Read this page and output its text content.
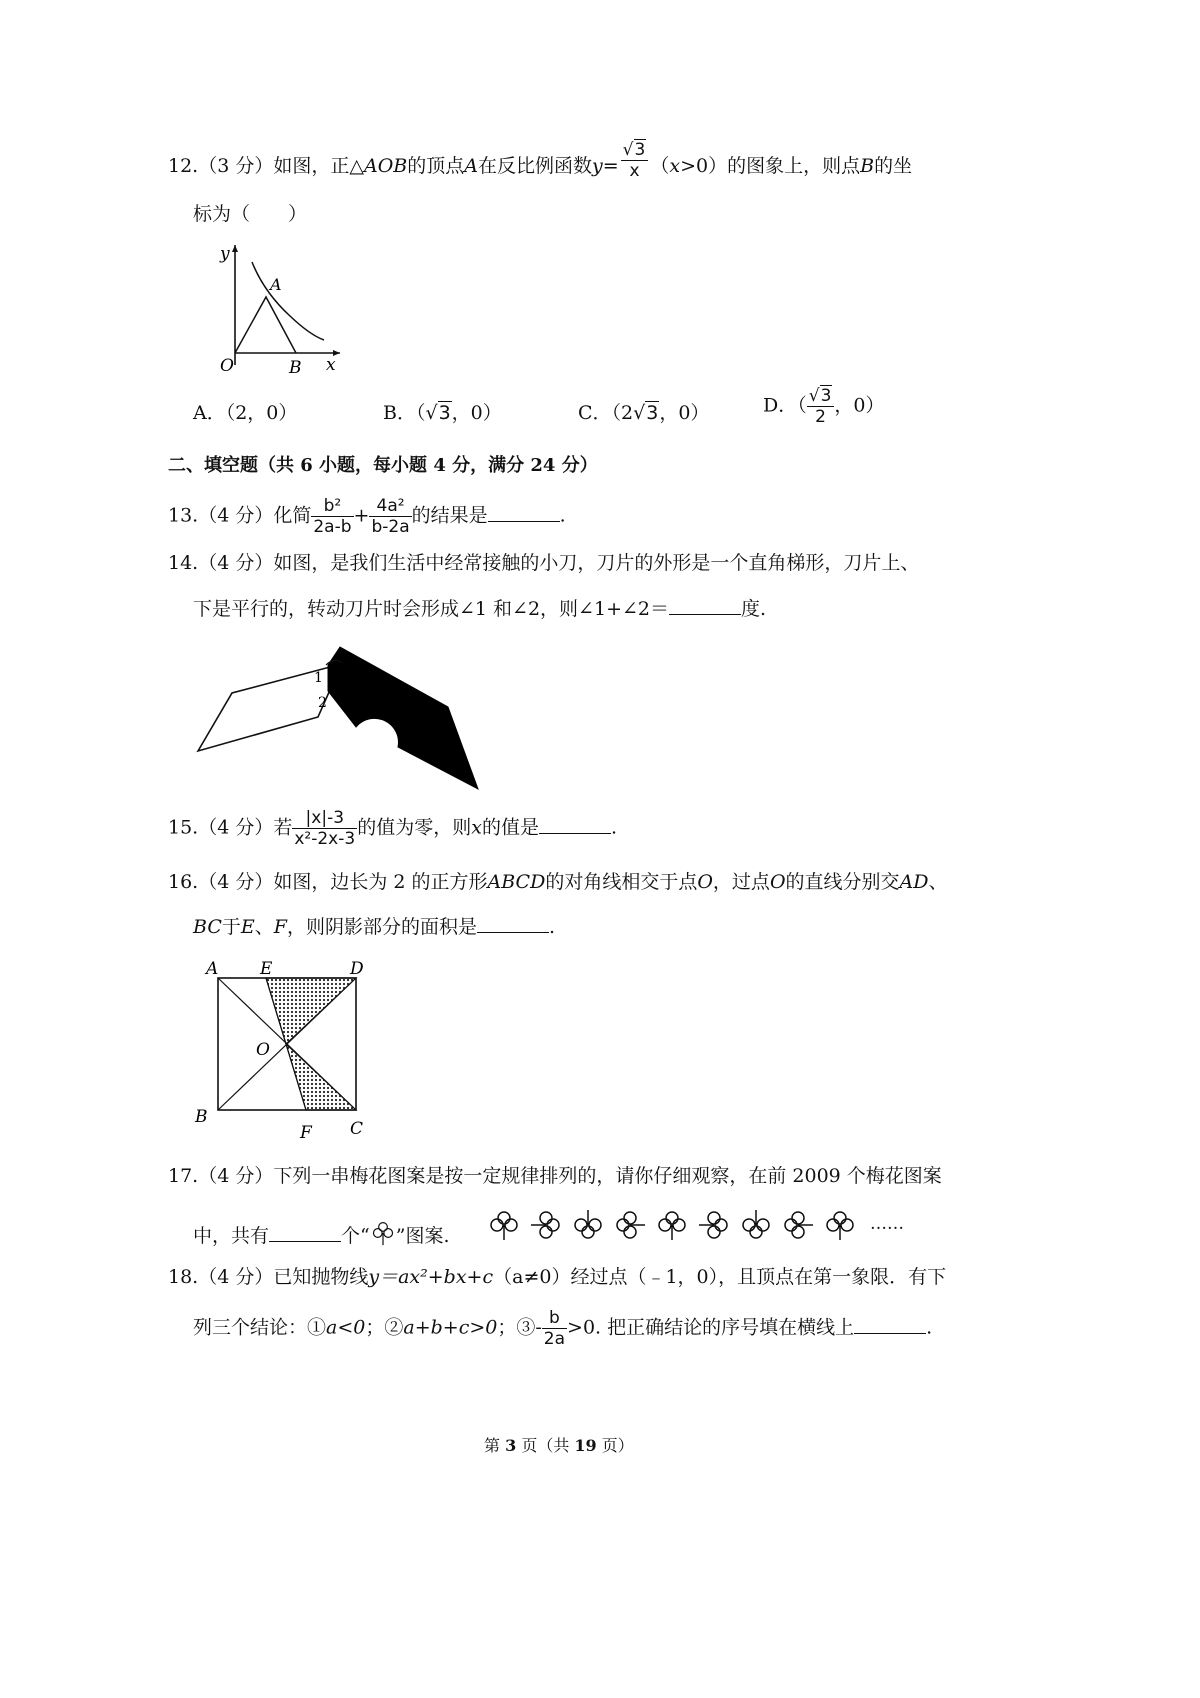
12.（3 分）如图，正△AOB的顶点A在反比例函数$y= \frac{√3}{x} (x>0)$的图象上，则点B的坐
标为（　　）
y
A
O	B x
A．（2，0）	B．（√3，0）	C．（2√3，0）	D．（ $\frac{√3}{2}$ ，0）
二、填空题（共 6 小题，每小题 4 分，满分 24 分）
13.（4 分）化简 $\frac{\text{b²}}{2a-b} + \frac{\text{4a²}}{b-2a}$ 的结果是	.
14.（4 分）如图，是我们生活中经常接触的小刀，刀片的外形是一个直角梯形，刀片上、
下是平行的，转动刀片时会形成∠1 和∠2，则∠1+∠2＝	度.
1
2
15.（4 分）若 $\frac{|x|-3}{\text{x²-2x-3}}$ 的值为零，则x的值是	.
16.（4 分）如图，边长为 2 的正方形ABCD的对角线相交于点O，过点O的直线分别交AD、
BC于E、F，则阴影部分的面积是	.
A E	D
O
B
F C
17.（4 分）下列一串梅花图案是按一定规律排列的，请你仔细观察，在前 2009 个梅花图案
中，共有	个“ ”图案.
……
18.（4 分）已知抛物线y＝ax²+bx+c（a≠0）经过点（﹣1，0），且顶点在第一象限．有下
列三个结论：①a<0；②a+b+c>0；③- $\frac{b}{2a} >0$. 把正确结论的序号填在横线上	.
第 3 页（共 19 页）
